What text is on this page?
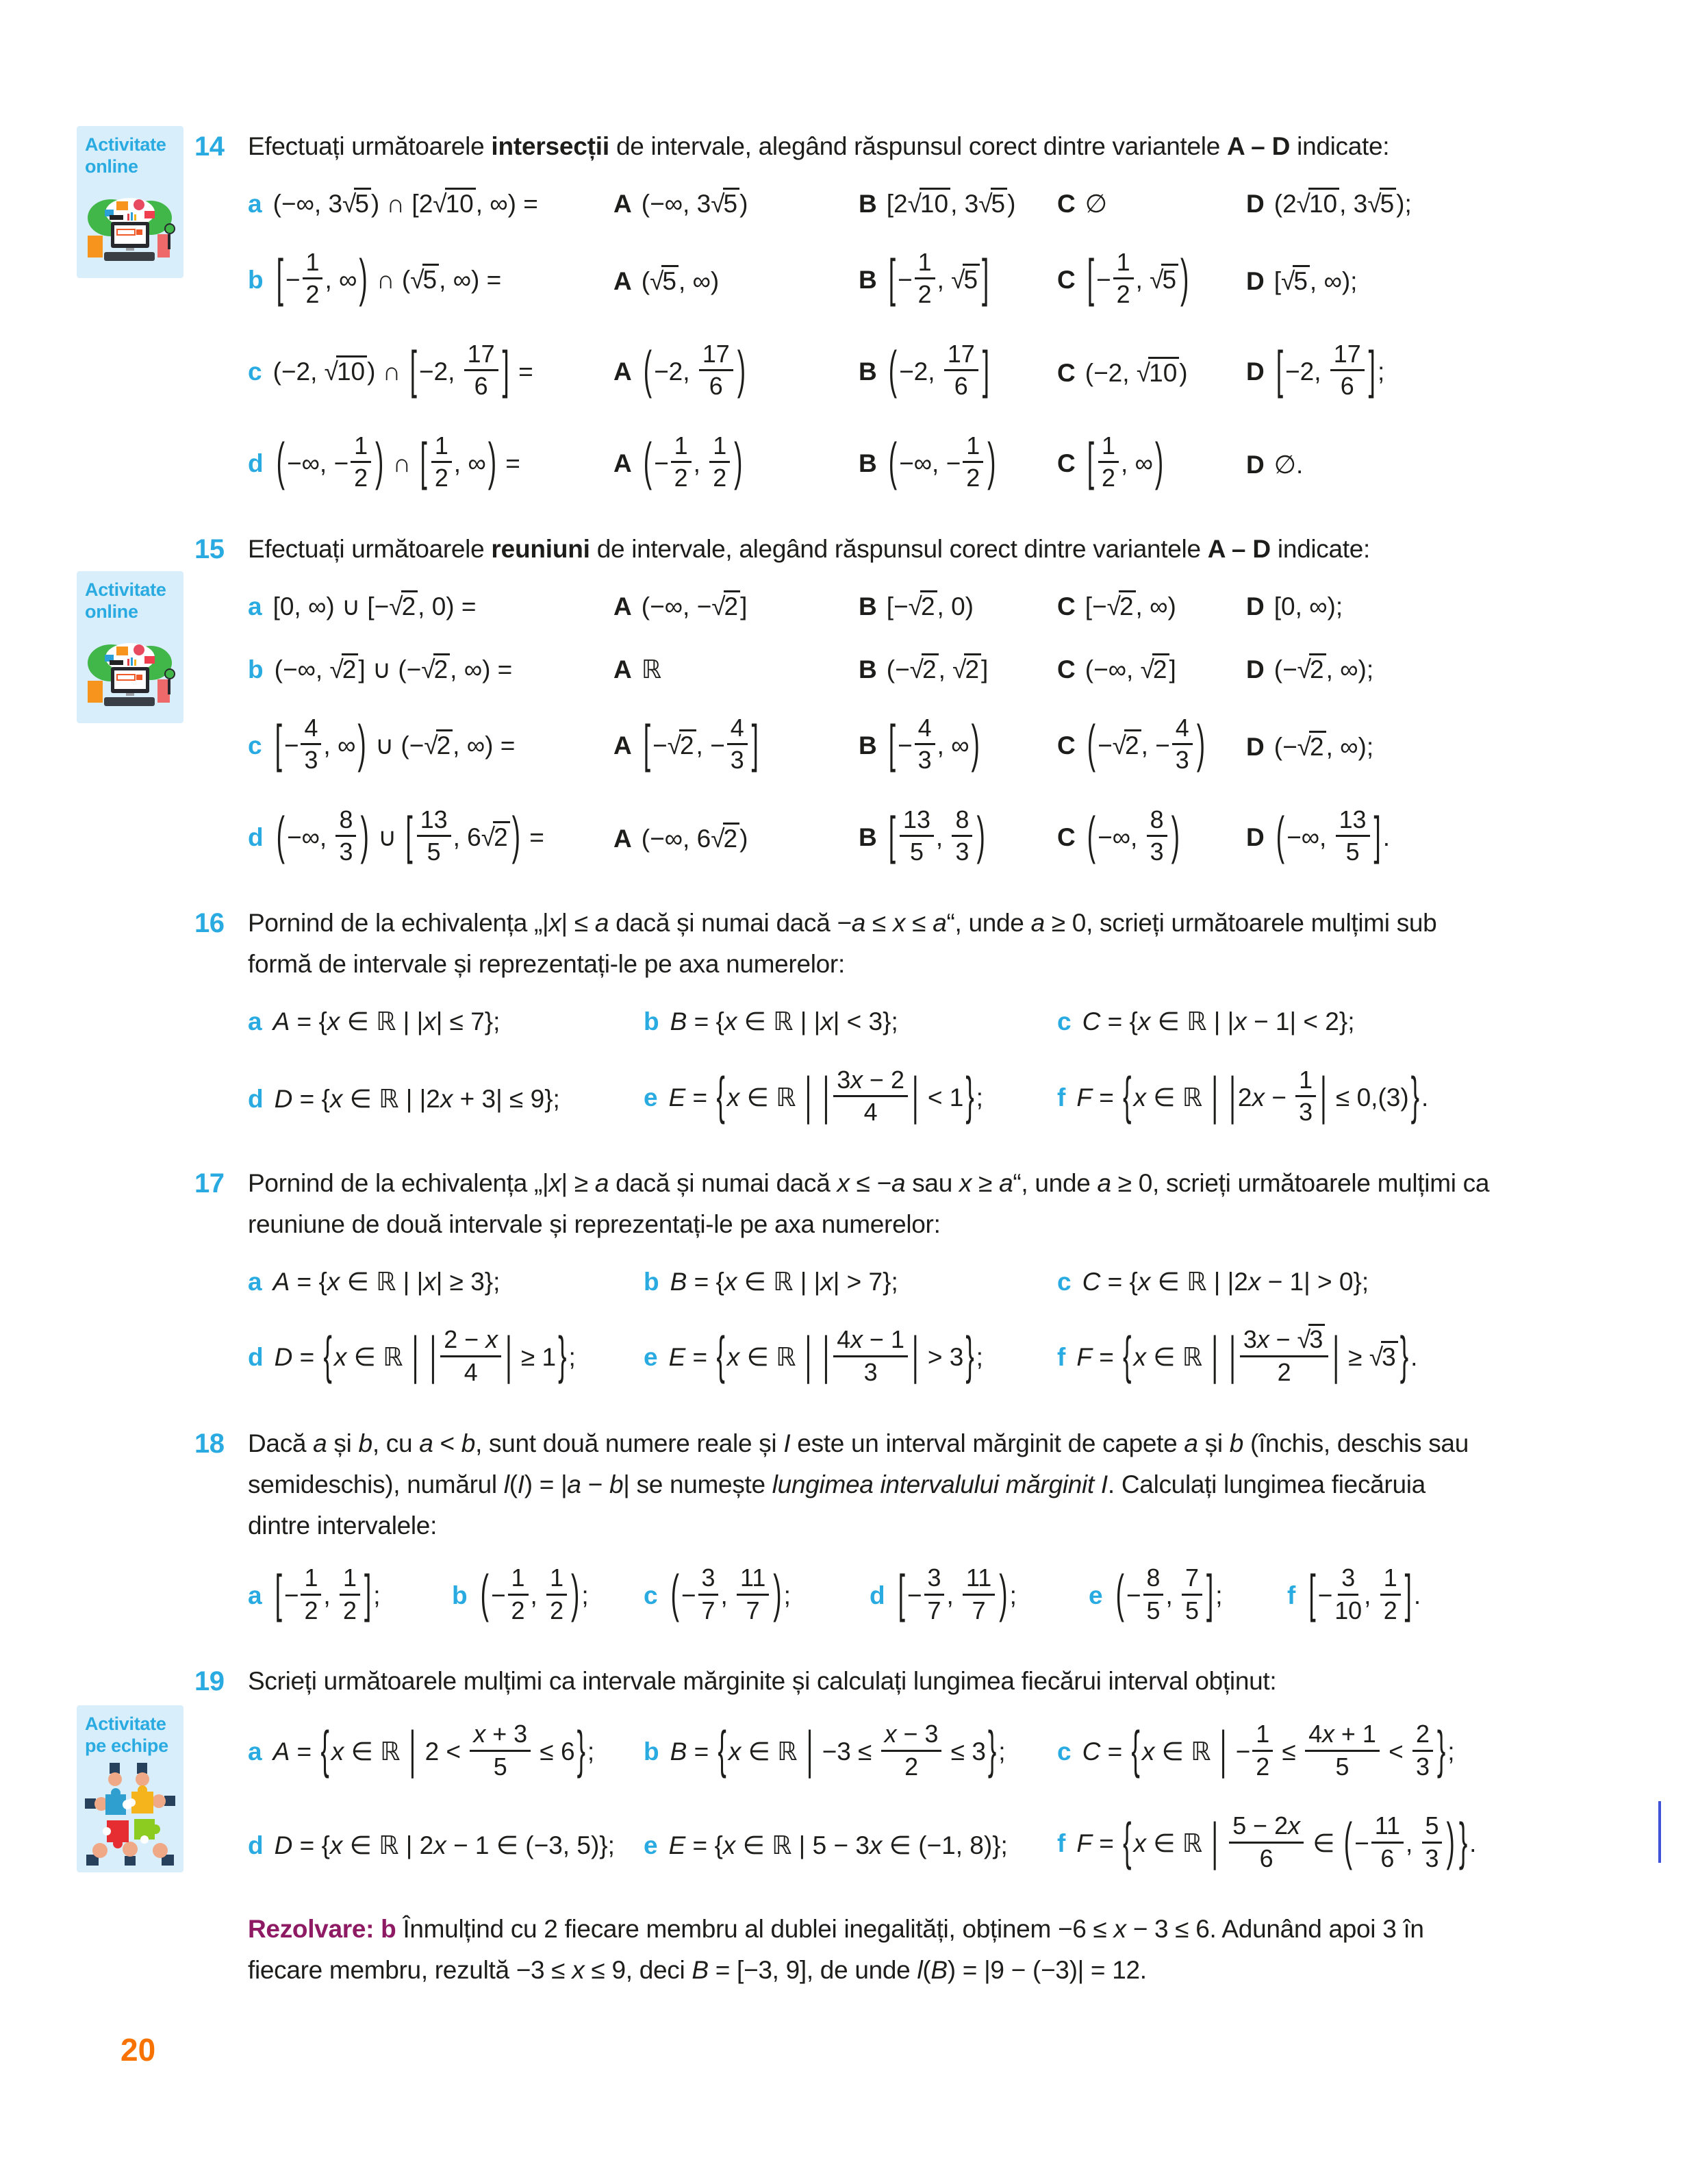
Activitate
online
Activitate
online
Activitate
pe echipe
14 Efectuați următoarele intersecții de intervale, alegând răspunsul corect dintre variantele A – D indicate:

a (−∞, 3√5) ∩ [2√10, ∞) =	A (−∞, 3√5)	B [2√10, 3√5)	C ∅	D (2√10, 3√5);
b [− $\frac{1}{2}$ , ∞) ∩ (√5, ∞) =	A (√5, ∞)	B [− $\frac{1}{2}$ , √5 ]	C [− $\frac{1}{2}$ , √5 )	D [√5, ∞);
c (−2, √10) ∩ [−2, $\frac{17}{6}$ ] =	A (−2, $\frac{17}{6}$ )	B (−2, $\frac{17}{6}$ ]	C (−2, √10)	D [−2, $\frac{17}{6}$ ];
d (−∞, − $\frac{1}{2}$ ) ∩ [ $\frac{1}{2}$ , ∞) =	A (− $\frac{1}{2}$ , $\frac{1}{2}$ )	B (−∞, − $\frac{1}{2}$ )	C [ $\frac{1}{2}$ , ∞)	D ∅.
15 Efectuați următoarele reuniuni de intervale, alegând răspunsul corect dintre variantele A – D indicate:

a [0, ∞) ∪ [−√2, 0) =	A (−∞, −√2]	B [−√2, 0)	C [−√2, ∞)	D [0, ∞);
b (−∞, √2] ∪ (−√2, ∞) =	A ℝ	B (−√2, √2]	C (−∞, √2]	D (−√2, ∞);
c [− $\frac{4}{3}$ , ∞) ∪ (−√2, ∞) =	A [−√2, − $\frac{4}{3}$ ]	B [− $\frac{4}{3}$ , ∞)	C (−√2, − $\frac{4}{3}$ )	D (−√2, ∞);
d (−∞, $\frac{8}{3}$ ) ∪ [ $\frac{13}{5}$ , 6√2 ) =	A (−∞, 6√2)	B [ $\frac{13}{5}$ , $\frac{8}{3}$ )	C (−∞, $\frac{8}{3}$ )	D (−∞, $\frac{13}{5}$ ].
16 Pornind de la echivalența „|x| ≤ a dacă și numai dacă −a ≤ x ≤ a“, unde a ≥ 0, scrieți următoarele mulțimi sub formă de intervale și reprezentați-le pe axa numerelor:

a A = {x ∈ ℝ | |x| ≤ 7};	b B = {x ∈ ℝ | |x| < 3};	c C = {x ∈ ℝ | |x − 1| < 2};
d D = {x ∈ ℝ | |2x + 3| ≤ 9};	e E = {x ∈ ℝ | | $\frac{3x - 2}{4}$ | < 1};	f F = {x ∈ ℝ | $|2x - \frac{1}{3}$ | ≤ 0,(3)}.
17 Pornind de la echivalența „|x| ≥ a dacă și numai dacă x ≤ −a sau x ≥ a“, unde a ≥ 0, scrieți următoarele mulțimi ca reuniune de două intervale și reprezentați-le pe axa numerelor:

a A = {x ∈ ℝ | |x| ≥ 3};	b B = {x ∈ ℝ | |x| > 7};	c C = {x ∈ ℝ | |2x − 1| > 0};
d D = {x ∈ ℝ | | $\frac{2 - x}{4}$ | ≥ 1};	e E = {x ∈ ℝ | | $\frac{4x - 1}{3}$ | > 3};	f F = {x ∈ ℝ | | $\frac{3x - √3}{2}$ | ≥ √3 }.
18 Dacă a și b, cu a < b, sunt două numere reale și I este un interval mărginit de capete a și b (închis, deschis sau semideschis), numărul l(I) = |a − b| se numește lungimea intervalului mărginit I. Calculați lungimea fiecăruia dintre intervalele:

a [− $\frac{1}{2}$ , $\frac{1}{2}$ ];	b (− $\frac{1}{2}$ , $\frac{1}{2}$ );	c (− $\frac{3}{7}$ , $\frac{11}{7}$ );	d [− $\frac{3}{7}$ , $\frac{11}{7}$ );	e (− $\frac{8}{5}$ , $\frac{7}{5}$ ];	f [− $\frac{3}{10}$ , $\frac{1}{2}$ ].
19 Scrieți următoarele mulțimi ca intervale mărginite și calculați lungimea fiecărui interval obținut:

a A = {x ∈ ℝ | $2 < \frac{x + 3}{5} \le 6$};	b B = {x ∈ ℝ | $-3 \le \frac{x - 3}{2} \le 3$};	c C = {x ∈ ℝ | − $\frac{1}{2} \le \frac{4x + 1}{5} < \frac{2}{3}$ };
d D = {x ∈ ℝ | 2x − 1 ∈ (−3, 5)};	e E = {x ∈ ℝ | 5 − 3x ∈ (−1, 8)};	f F = {x ∈ ℝ | $\frac{5 - 2x}{6}$ ∈ (− $\frac{11}{6}$ , $\frac{5}{3}$ ) }.
Rezolvare: b Înmulțind cu 2 fiecare membru al dublei inegalități, obținem −6 ≤ x − 3 ≤ 6. Adunând apoi 3 în fiecare membru, rezultă −3 ≤ x ≤ 9, deci B = [−3, 9], de unde l(B) = |9 − (−3)| = 12.
20
